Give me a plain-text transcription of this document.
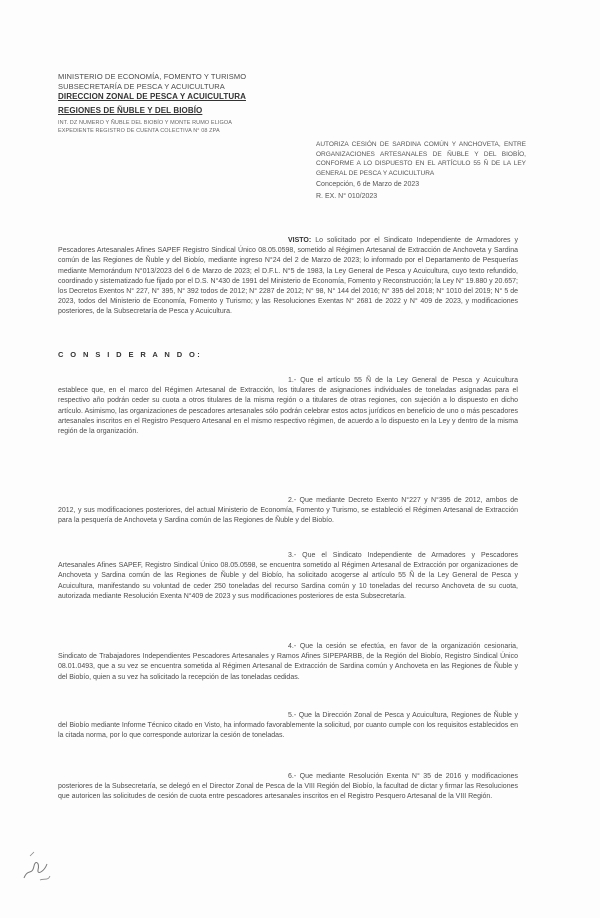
MINISTERIO DE ECONOMÍA, FOMENTO Y TURISMO
SUBSECRETARÍA DE PESCA Y ACUICULTURA
DIRECCION ZONAL DE PESCA Y ACUICULTURA
REGIONES DE ÑUBLE Y DEL BIOBÍO
INT. DZ NUMERO Y ÑUBLE DEL BIOBÍO Y MONTE RUMO ELIGOA
EXPEDIENTE REGISTRO DE CUENTA COLECTIVA N° 08 ZPA
AUTORIZA CESIÓN DE SARDINA COMÚN Y ANCHOVETA, ENTRE ORGANIZACIONES ARTESANALES DE ÑUBLE Y DEL BIOBÍO, CONFORME A LO DISPUESTO EN EL ARTÍCULO 55 Ñ DE LA LEY GENERAL DE PESCA Y ACUICULTURA
Concepción, 6 de Marzo de 2023
R. EX. N° 010/2023
VISTO: Lo solicitado por el Sindicato Independiente de Armadores y Pescadores Artesanales Afines SAPEF Registro Sindical Único 08.05.0598, sometido al Régimen Artesanal de Extracción de Anchoveta y Sardina común de las Regiones de Ñuble y del Biobío, mediante ingreso N°24 del 2 de Marzo de 2023; lo informado por el Departamento de Pesquerías mediante Memorándum N°013/2023 del 6 de Marzo de 2023; el D.F.L. N°5 de 1983, la Ley General de Pesca y Acuicultura, cuyo texto refundido, coordinado y sistematizado fue fijado por el D.S. N°430 de 1991 del Ministerio de Economía, Fomento y Reconstrucción; la Ley N° 19.880 y 20.657; los Decretos Exentos N° 227, N° 395, N° 392 todos de 2012; N° 2287 de 2012; N° 98, N° 144 del 2016; N° 395 del 2018; N° 1010 del 2019; N° 5 de 2023, todos del Ministerio de Economía, Fomento y Turismo; y las Resoluciones Exentas N° 2681 de 2022 y N° 409 de 2023, y modificaciones posteriores, de la Subsecretaría de Pesca y Acuicultura.
C O N S I D E R A N D O:
1.- Que el artículo 55 Ñ de la Ley General de Pesca y Acuicultura establece que, en el marco del Régimen Artesanal de Extracción, los titulares de asignaciones individuales de toneladas asignadas para el respectivo año podrán ceder su cuota a otros titulares de la misma región o a titulares de otras regiones, con sujeción a lo dispuesto en dicho artículo. Asimismo, las organizaciones de pescadores artesanales sólo podrán celebrar estos actos jurídicos en beneficio de uno o más pescadores artesanales inscritos en el Registro Pesquero Artesanal en el mismo respectivo régimen, de acuerdo a lo dispuesto en la Ley y dentro de la misma región de la organización.
2.- Que mediante Decreto Exento N°227 y N°395 de 2012, ambos de 2012, y sus modificaciones posteriores, del actual Ministerio de Economía, Fomento y Turismo, se estableció el Régimen Artesanal de Extracción para la pesquería de Anchoveta y Sardina común de las Regiones de Ñuble y del Biobío.
3.- Que el Sindicato Independiente de Armadores y Pescadores Artesanales Afines SAPEF, Registro Sindical Único 08.05.0598, se encuentra sometido al Régimen Artesanal de Extracción por organizaciones de Anchoveta y Sardina común de las Regiones de Ñuble y del Biobío, ha solicitado acogerse al artículo 55 Ñ de la Ley General de Pesca y Acuicultura, manifestando su voluntad de ceder 250 toneladas del recurso Sardina común y 10 toneladas del recurso Anchoveta de su cuota, autorizada mediante Resolución Exenta N°409 de 2023 y sus modificaciones posteriores de esta Subsecretaría.
4.- Que la cesión se efectúa, en favor de la organización cesionaria, Sindicato de Trabajadores Independientes Pescadores Artesanales y Ramos Afines SIPEPARBB, de la Región del Biobío, Registro Sindical Único 08.01.0493, que a su vez se encuentra sometida al Régimen Artesanal de Extracción de Sardina común y Anchoveta en las Regiones de Ñuble y del Biobío, quien a su vez ha solicitado la recepción de las toneladas cedidas.
5.- Que la Dirección Zonal de Pesca y Acuicultura, Regiones de Ñuble y del Biobío mediante Informe Técnico citado en Visto, ha informado favorablemente la solicitud, por cuanto cumple con los requisitos establecidos en la citada norma, por lo que corresponde autorizar la cesión de toneladas.
6.- Que mediante Resolución Exenta N° 35 de 2016 y modificaciones posteriores de la Subsecretaría, se delegó en el Director Zonal de Pesca de la VIII Región del Biobío, la facultad de dictar y firmar las Resoluciones que autoricen las solicitudes de cesión de cuota entre pescadores artesanales inscritos en el Registro Pesquero Artesanal de la VIII Región.
